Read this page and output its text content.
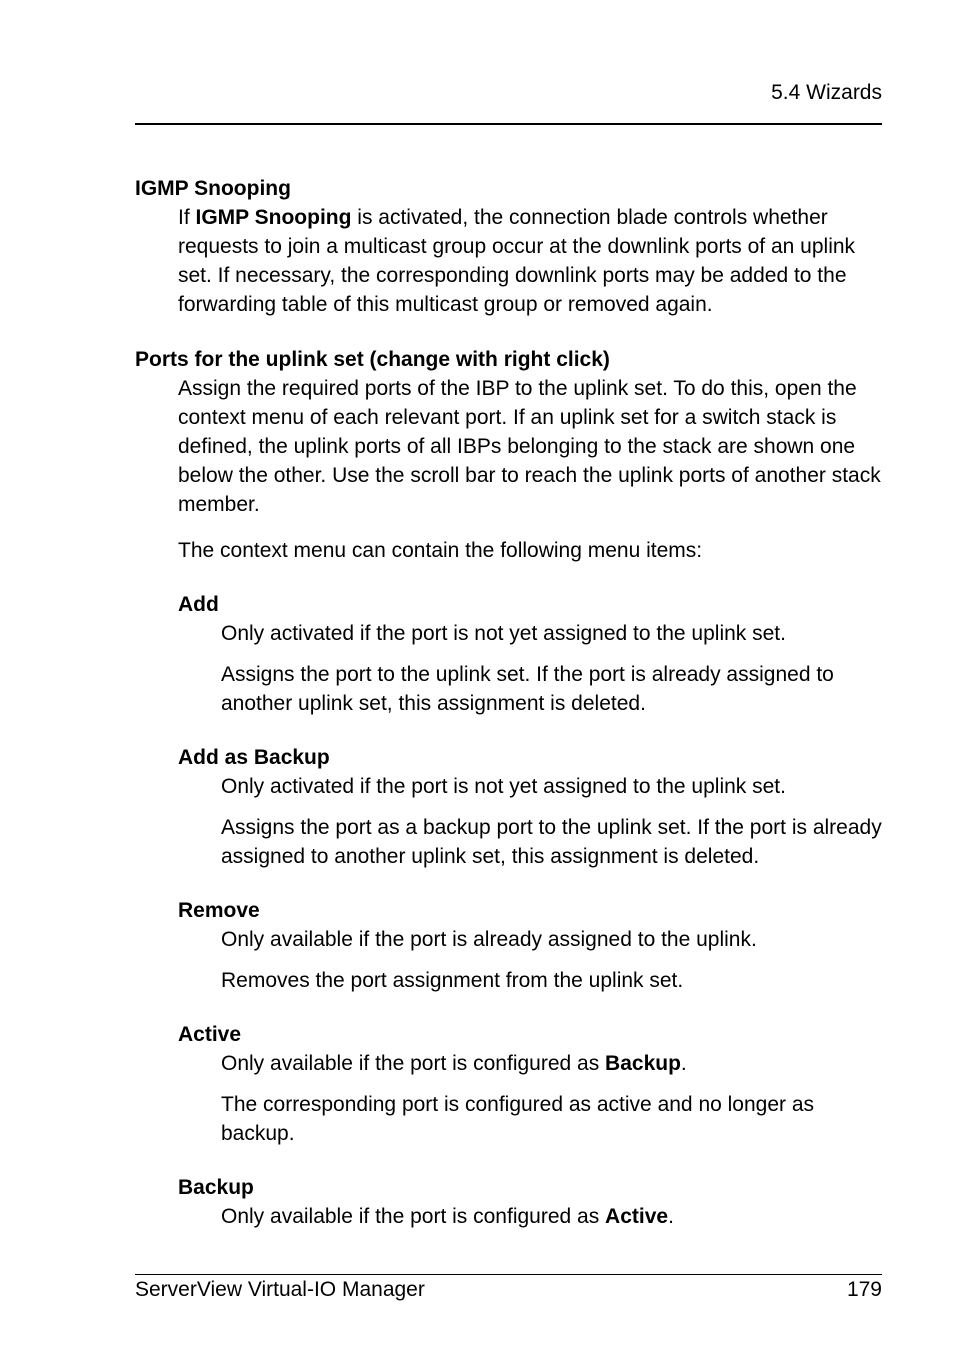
5.4 Wizards

IGMP Snooping

If IGMP Snooping is activated, the connection blade controls whether requests to join a multicast group occur at the downlink ports of an uplink set. If necessary, the corresponding downlink ports may be added to the forwarding table of this multicast group or removed again.

Ports for the uplink set (change with right click)

Assign the required ports of the IBP to the uplink set. To do this, open the context menu of each relevant port. If an uplink set for a switch stack is defined, the uplink ports of all IBPs belonging to the stack are shown one below the other. Use the scroll bar to reach the uplink ports of another stack member.

The context menu can contain the following menu items:

Add

Only activated if the port is not yet assigned to the uplink set.

Assigns the port to the uplink set. If the port is already assigned to another uplink set, this assignment is deleted.

Add as Backup

Only activated if the port is not yet assigned to the uplink set.

Assigns the port as a backup port to the uplink set. If the port is already assigned to another uplink set, this assignment is deleted.

Remove

Only available if the port is already assigned to the uplink.

Removes the port assignment from the uplink set.

Active

Only available if the port is configured as Backup.

The corresponding port is configured as active and no longer as backup.

Backup

Only available if the port is configured as Active.

ServerView Virtual-IO Manager	179
